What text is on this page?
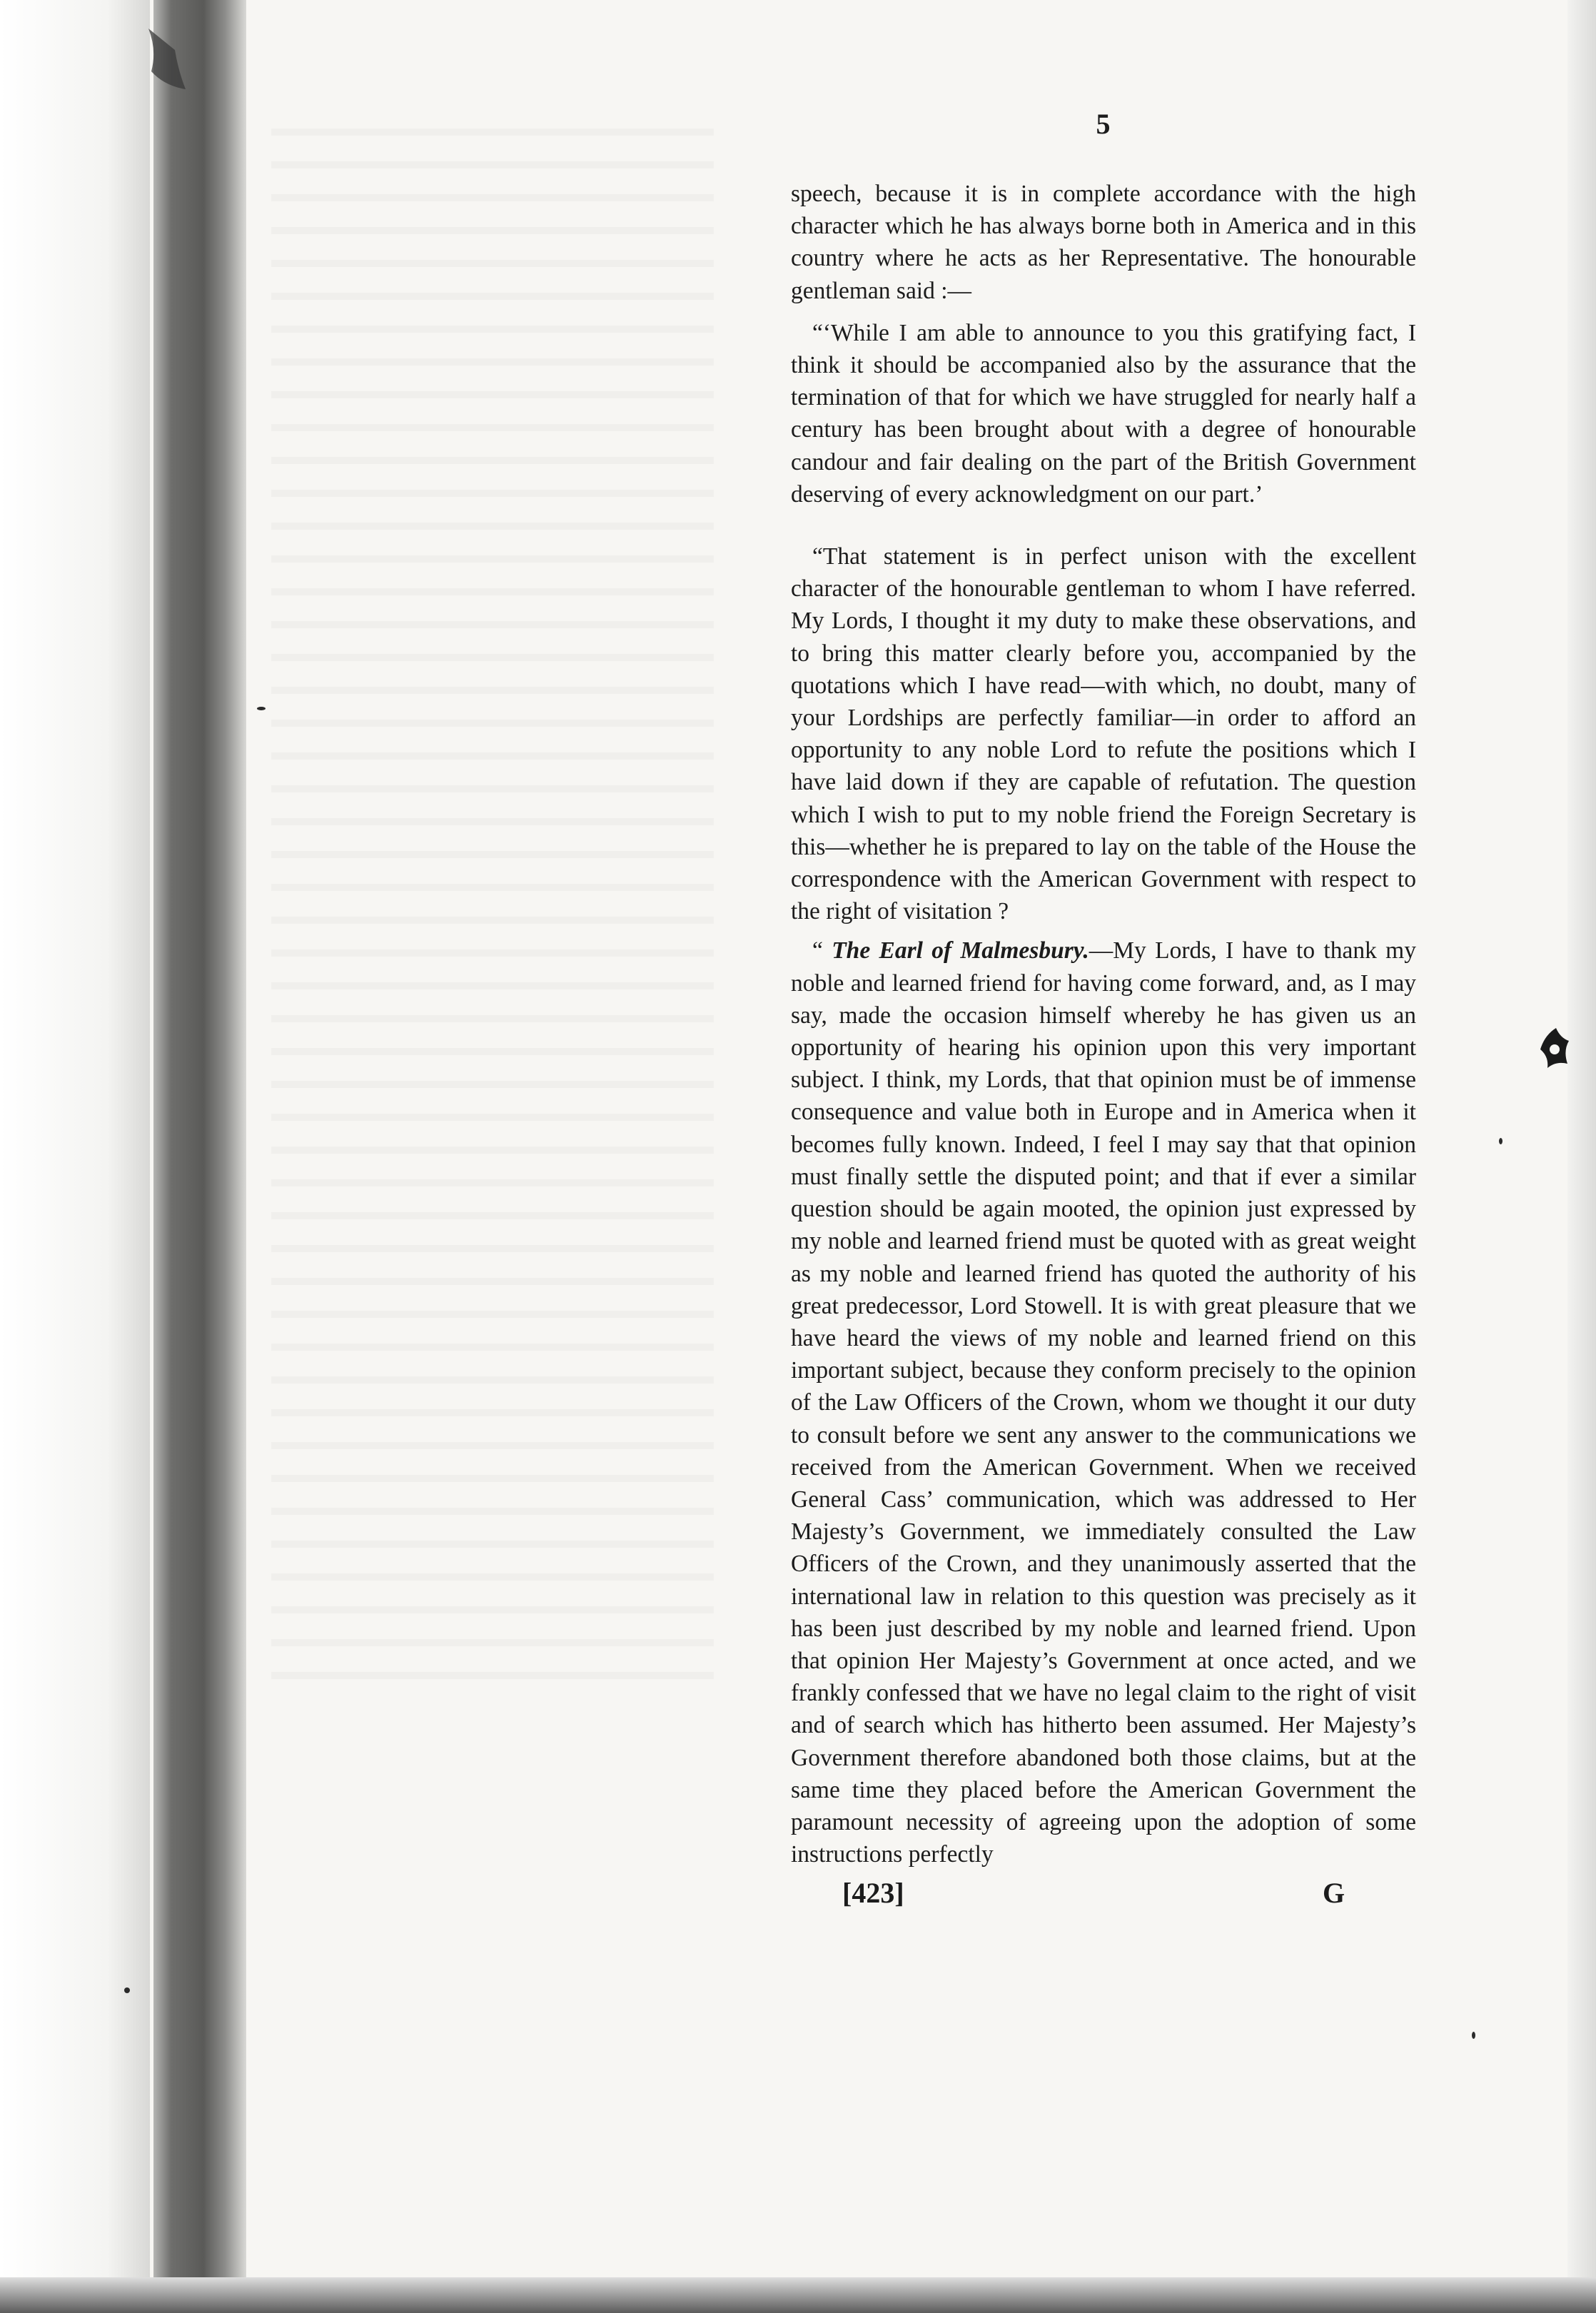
5

speech, because it is in complete accordance with the high character which he has always borne both in America and in this country where he acts as her Representative. The honourable gentleman said :—

“‘While I am able to announce to you this gratifying fact, I think it should be accompanied also by the assurance that the termination of that for which we have struggled for nearly half a century has been brought about with a degree of honourable candour and fair dealing on the part of the British Government deserving of every acknowledgment on our part.’

“That statement is in perfect unison with the excellent character of the honourable gentleman to whom I have referred. My Lords, I thought it my duty to make these observations, and to bring this matter clearly before you, accompanied by the quotations which I have read—with which, no doubt, many of your Lordships are perfectly familiar—in order to afford an opportunity to any noble Lord to refute the positions which I have laid down if they are capable of refutation. The question which I wish to put to my noble friend the Foreign Secretary is this—whether he is prepared to lay on the table of the House the correspondence with the American Government with respect to the right of visitation ?

“ The Earl of Malmesbury.—My Lords, I have to thank my noble and learned friend for having come forward, and, as I may say, made the occasion himself whereby he has given us an opportunity of hearing his opinion upon this very important subject. I think, my Lords, that that opinion must be of immense consequence and value both in Europe and in America when it becomes fully known. Indeed, I feel I may say that that opinion must finally settle the disputed point; and that if ever a similar question should be again mooted, the opinion just expressed by my noble and learned friend must be quoted with as great weight as my noble and learned friend has quoted the authority of his great predecessor, Lord Stowell. It is with great pleasure that we have heard the views of my noble and learned friend on this important subject, because they conform precisely to the opinion of the Law Officers of the Crown, whom we thought it our duty to consult before we sent any answer to the communications we received from the American Government. When we received General Cass’ communication, which was addressed to Her Majesty’s Government, we immediately consulted the Law Officers of the Crown, and they unanimously asserted that the international law in relation to this question was precisely as it has been just described by my noble and learned friend. Upon that opinion Her Majesty’s Government at once acted, and we frankly confessed that we have no legal claim to the right of visit and of search which has hitherto been assumed. Her Majesty’s Government therefore abandoned both those claims, but at the same time they placed before the American Government the paramount necessity of agreeing upon the adoption of some instructions perfectly

[423]	G
